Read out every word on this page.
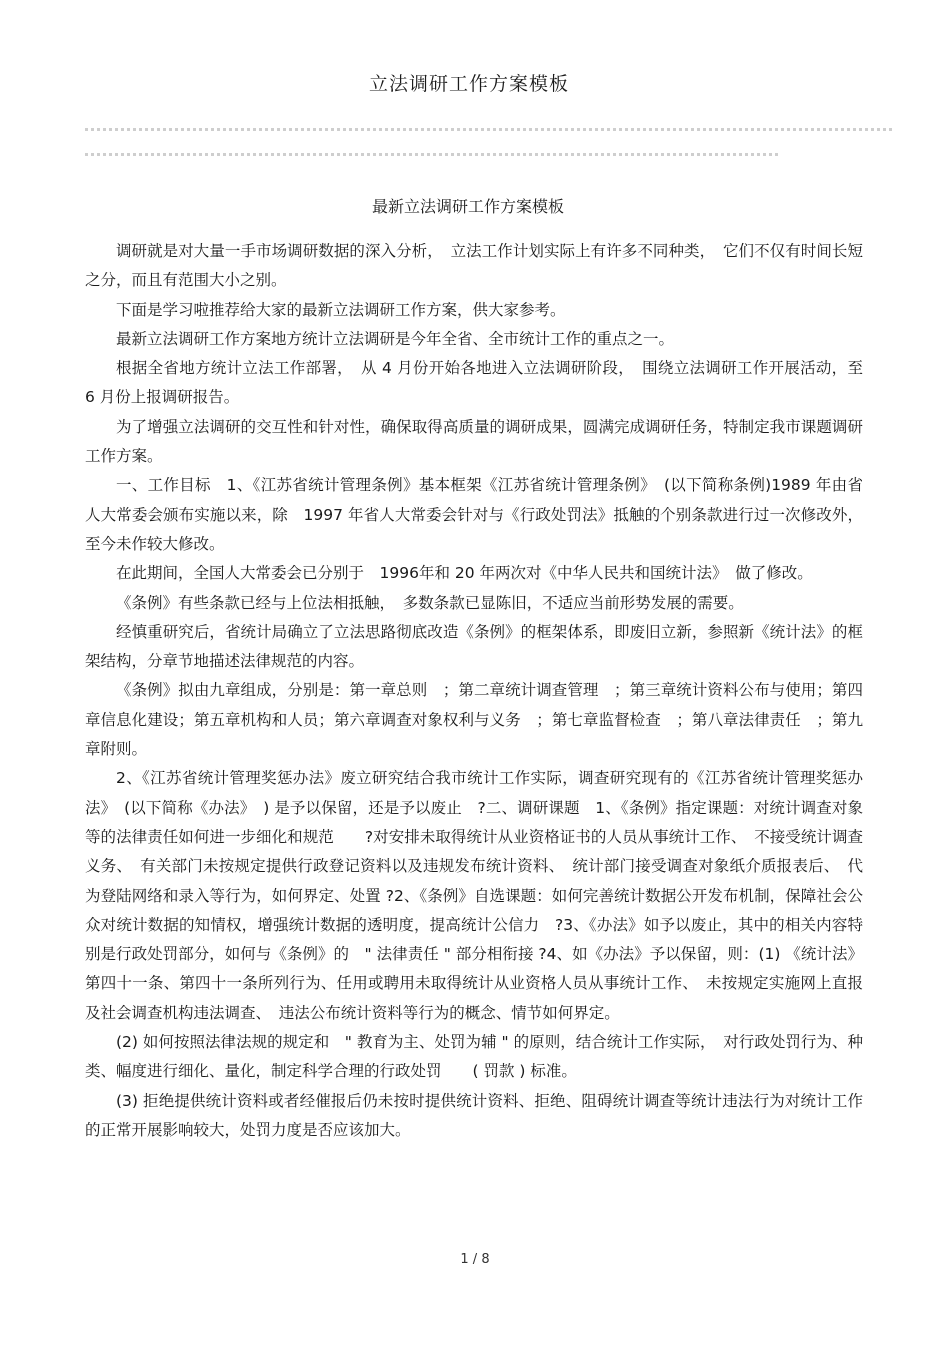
立法调研工作方案模板
最新立法调研工作方案模板

调研就是对大量一手市场调研数据的深入分析，　立法工作计划实际上有许多不同种类，　它们不仅有时间长短之分，而且有范围大小之别。

下面是学习啦推荐给大家的最新立法调研工作方案，供大家参考。

最新立法调研工作方案地方统计立法调研是今年全省、全市统计工作的重点之一。

根据全省地方统计立法工作部署，　从 4 月份开始各地进入立法调研阶段，　围绕立法调研工作开展活动，至　6 月份上报调研报告。

为了增强立法调研的交互性和针对性，确保取得高质量的调研成果，圆满完成调研任务，特制定我市课题调研工作方案。

一、工作目标　1、《江苏省统计管理条例》基本框架《江苏省统计管理条例》　(以下简称条例)1989 年由省人大常委会颁布实施以来，除　1997 年省人大常委会针对与《行政处罚法》抵触的个别条款进行过一次修改外，至今未作较大修改。

在此期间，全国人大常委会已分别于　1996年和 20 年两次对《中华人民共和国统计法》　做了修改。

《条例》有些条款已经与上位法相抵触，　多数条款已显陈旧，不适应当前形势发展的需要。

经慎重研究后，省统计局确立了立法思路彻底改造《条例》的框架体系，即废旧立新，参照新《统计法》的框架结构，分章节地描述法律规范的内容。

《条例》拟由九章组成，分别是：第一章总则　；第二章统计调查管理　；第三章统计资料公布与使用；第四章信息化建设；第五章机构和人员；第六章调查对象权利与义务　；第七章监督检查　；第八章法律责任　；第九章附则。

2、《江苏省统计管理奖惩办法》废立研究结合我市统计工作实际，调查研究现有的《江苏省统计管理奖惩办法》　(以下简称《办法》　) 是予以保留，还是予以废止　?二、调研课题　1、《条例》指定课题：对统计调查对象等的法律责任如何进一步细化和规范　　?对安排未取得统计从业资格证书的人员从事统计工作、　不接受统计调查义务、　有关部门未按规定提供行政登记资料以及违规发布统计资料、　统计部门接受调查对象纸介质报表后、　代为登陆网络和录入等行为，如何界定、处置 ?2、《条例》自选课题：如何完善统计数据公开发布机制，保障社会公众对统计数据的知情权，增强统计数据的透明度，提高统计公信力　?3、《办法》如予以废止，其中的相关内容特别是行政处罚部分，如何与《条例》的　" 法律责任 " 部分相衔接 ?4、如《办法》予以保留，则：(1) 《统计法》第四十一条、第四十一条所列行为、任用或聘用未取得统计从业资格人员从事统计工作、　未按规定实施网上直报及社会调查机构违法调查、　违法公布统计资料等行为的概念、情节如何界定。

(2) 如何按照法律法规的规定和　" 教育为主、处罚为辅 " 的原则，结合统计工作实际，　对行政处罚行为、种类、幅度进行细化、量化，制定科学合理的行政处罚　　( 罚款 ) 标准。

(3) 拒绝提供统计资料或者经催报后仍未按时提供统计资料、拒绝、阻碍统计调查等统计违法行为对统计工作的正常开展影响较大，处罚力度是否应该加大。

1 / 8
